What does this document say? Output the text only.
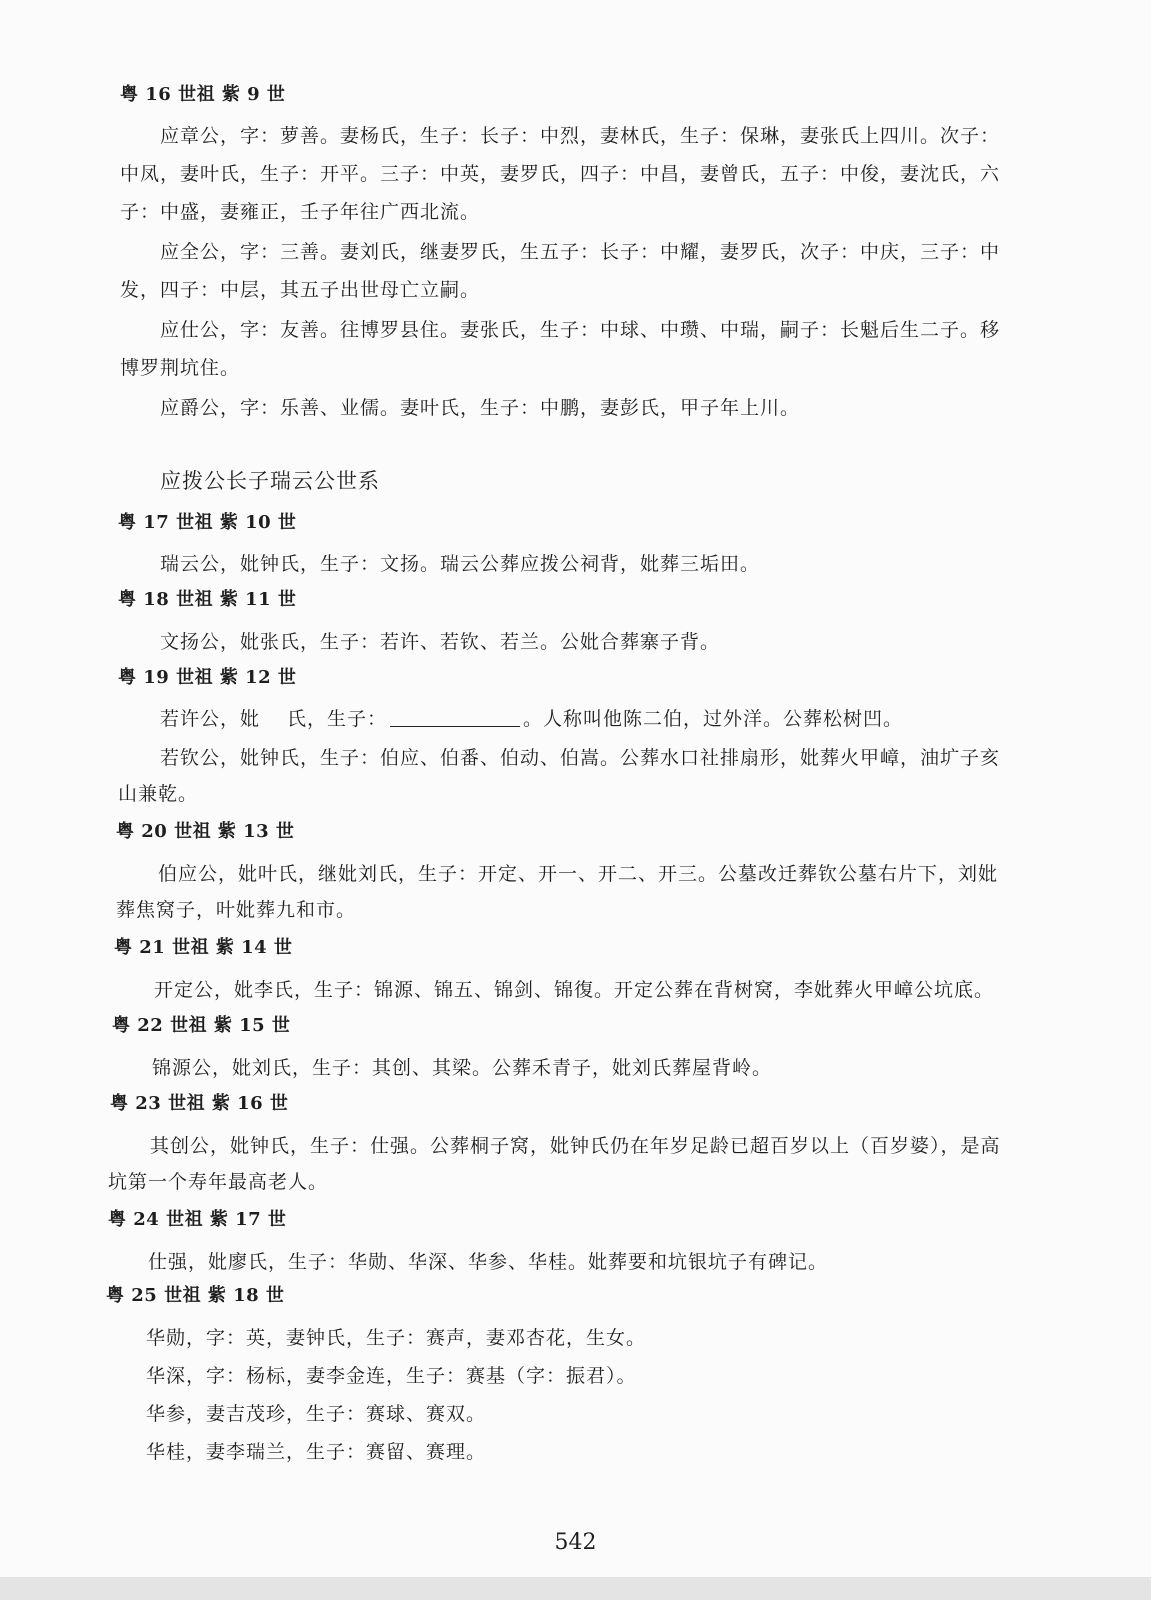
粤 16 世祖 紫 9 世
应章公，字：萝善。妻杨氏，生子：长子：中烈，妻林氏，生子：保琳，妻张氏上四川。次子：
中凤，妻叶氏，生子：开平。三子：中英，妻罗氏，四子：中昌，妻曾氏，五子：中俊，妻沈氏，六
子：中盛，妻雍正，壬子年往广西北流。
应全公，字：三善。妻刘氏，继妻罗氏，生五子：长子：中耀，妻罗氏，次子：中庆，三子：中
发，四子：中层，其五子出世母亡立嗣。
应仕公，字：友善。往博罗县住。妻张氏，生子：中球、中瓒、中瑞，嗣子：长魁后生二子。移
博罗荆坑住。
应爵公，字：乐善、业儒。妻叶氏，生子：中鹏，妻彭氏，甲子年上川。
应拨公长子瑞云公世系
粤 17 世祖 紫 10 世
瑞云公，妣钟氏，生子：文扬。瑞云公葬应拨公祠背，妣葬三垢田。
粤 18 世祖 紫 11 世
文扬公，妣张氏，生子：若许、若钦、若兰。公妣合葬寨子背。
粤 19 世祖 紫 12 世
若许公，妣　 氏，生子：	。人称叫他陈二伯，过外洋。公葬松树凹。
若钦公，妣钟氏，生子：伯应、伯番、伯动、伯嵩。公葬水口社排扇形，妣葬火甲嶂，油圹子亥
山兼乾。
粤 20 世祖 紫 13 世
伯应公，妣叶氏，继妣刘氏，生子：开定、开一、开二、开三。公墓改迁葬钦公墓右片下，刘妣
葬焦窝子，叶妣葬九和市。
粤 21 世祖 紫 14 世
开定公，妣李氏，生子：锦源、锦五、锦剑、锦復。开定公葬在背树窝，李妣葬火甲嶂公坑底。
粤 22 世祖 紫 15 世
锦源公，妣刘氏，生子：其创、其梁。公葬禾青子，妣刘氏葬屋背岭。
粤 23 世祖 紫 16 世
其创公，妣钟氏，生子：仕强。公葬桐子窝，妣钟氏仍在年岁足龄已超百岁以上（百岁婆），是高
坑第一个寿年最高老人。
粤 24 世祖 紫 17 世
仕强，妣廖氏，生子：华勋、华深、华参、华桂。妣葬要和坑银坑子有碑记。
粤 25 世祖 紫 18 世
华勋，字：英，妻钟氏，生子：赛声，妻邓杏花，生女。
华深，字：杨标，妻李金连，生子：赛基（字：振君）。
华参，妻吉茂珍，生子：赛球、赛双。
华桂，妻李瑞兰，生子：赛留、赛理。
542
